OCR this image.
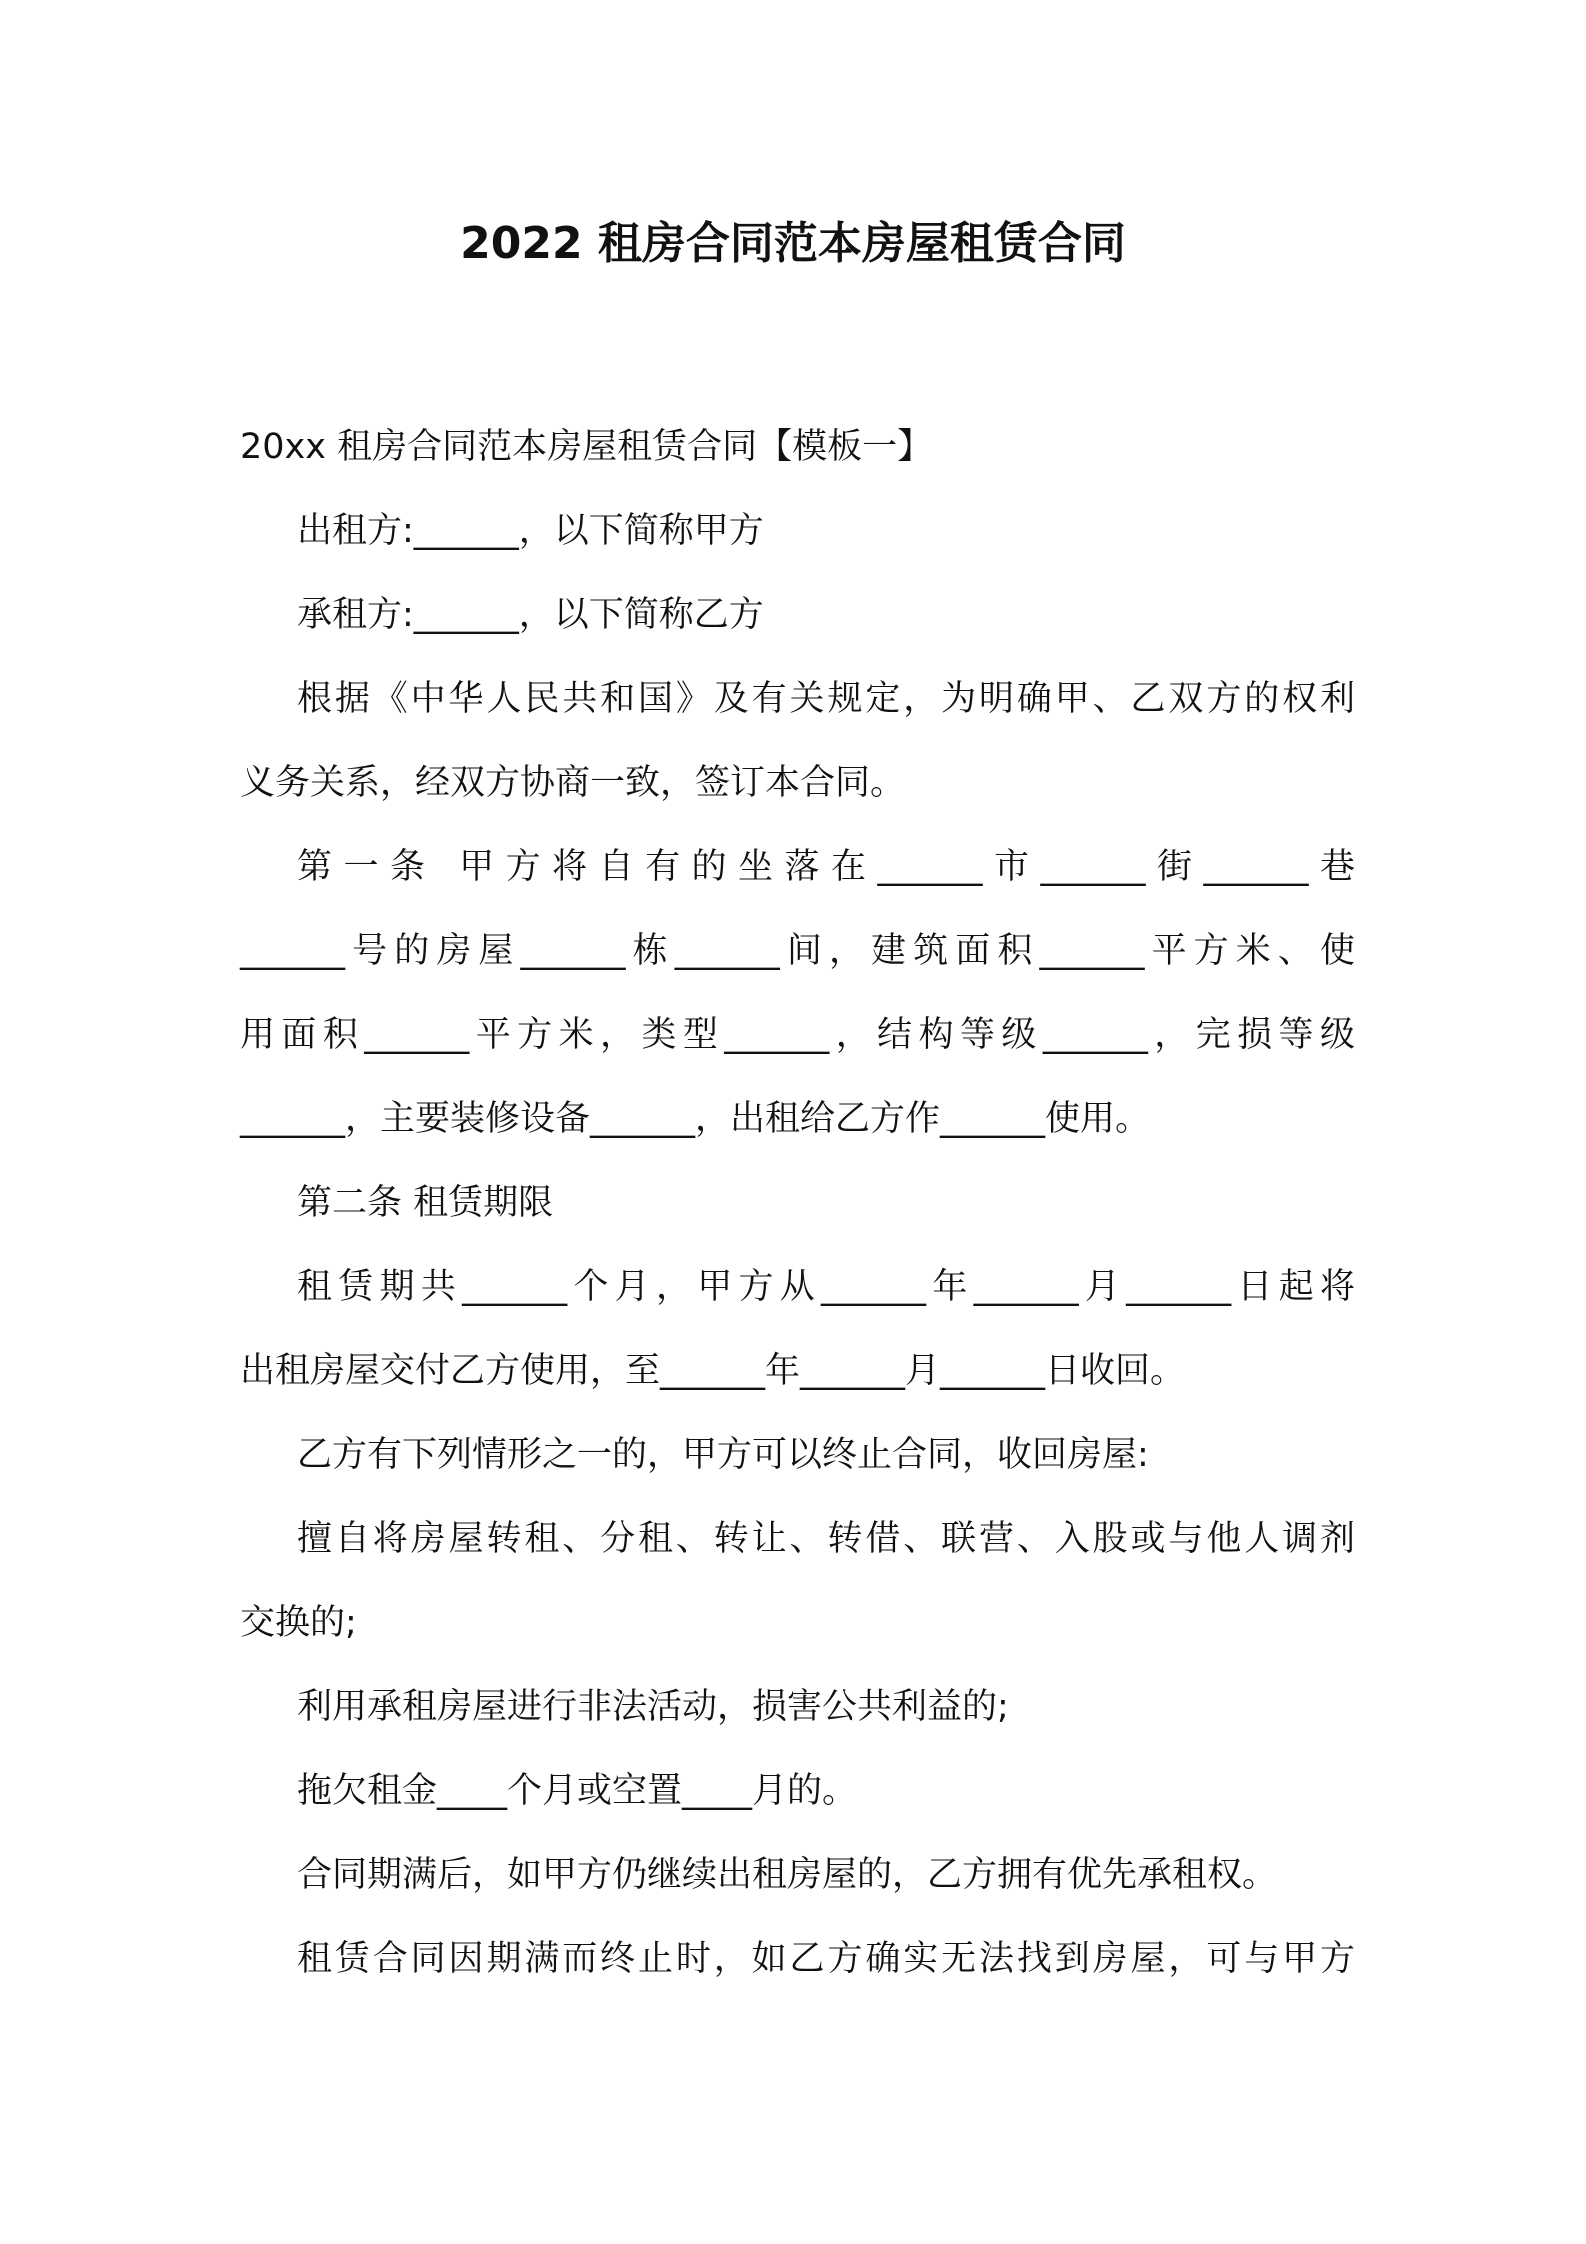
2022 租房合同范本房屋租赁合同

20xx 租房合同范本房屋租赁合同【模板一】

出租方:______，以下简称甲方

承租方:______，以下简称乙方

根据《中华人民共和国》及有关规定，为明确甲、乙双方的权利

义务关系，经双方协商一致，签订本合同。

第一条 甲方将自有的坐落在______市______街______巷

______号的房屋______栋______间，建筑面积______平方米、使

用面积______平方米，类型______，结构等级______，完损等级

______，主要装修设备______，出租给乙方作______使用。

第二条 租赁期限

租赁期共______个月，甲方从______年______月______日起将

出租房屋交付乙方使用，至______年______月______日收回。

乙方有下列情形之一的，甲方可以终止合同，收回房屋:

擅自将房屋转租、分租、转让、转借、联营、入股或与他人调剂

交换的;

利用承租房屋进行非法活动，损害公共利益的;

拖欠租金____个月或空置____月的。

合同期满后，如甲方仍继续出租房屋的，乙方拥有优先承租权。

租赁合同因期满而终止时，如乙方确实无法找到房屋，可与甲方
